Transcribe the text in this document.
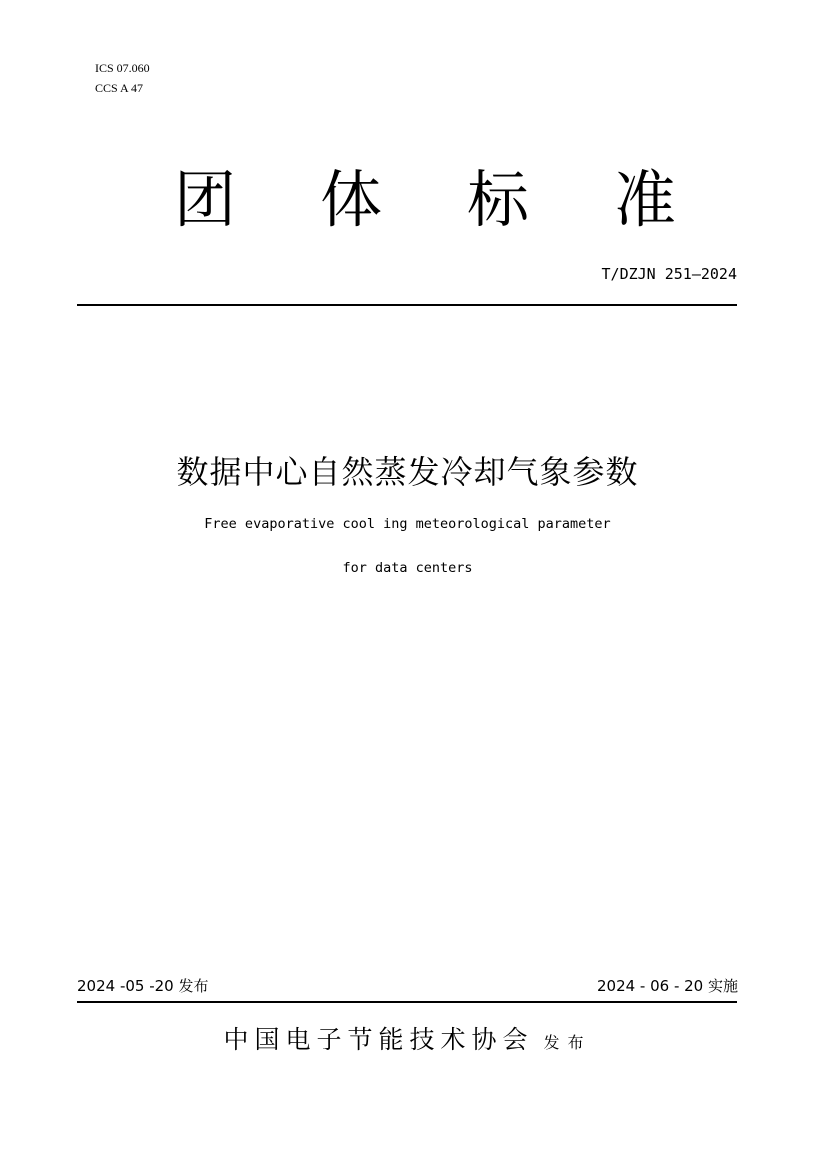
ICS 07.060
CCS A 47
团 体 标 准
T/DZJN 251—2024
数据中心自然蒸发冷却气象参数
Free evaporative cool ing meteorological parameter
for data centers
2024 -05 -20 发布	2024 - 06 - 20 实施
中国电子节能技术协会 发布
